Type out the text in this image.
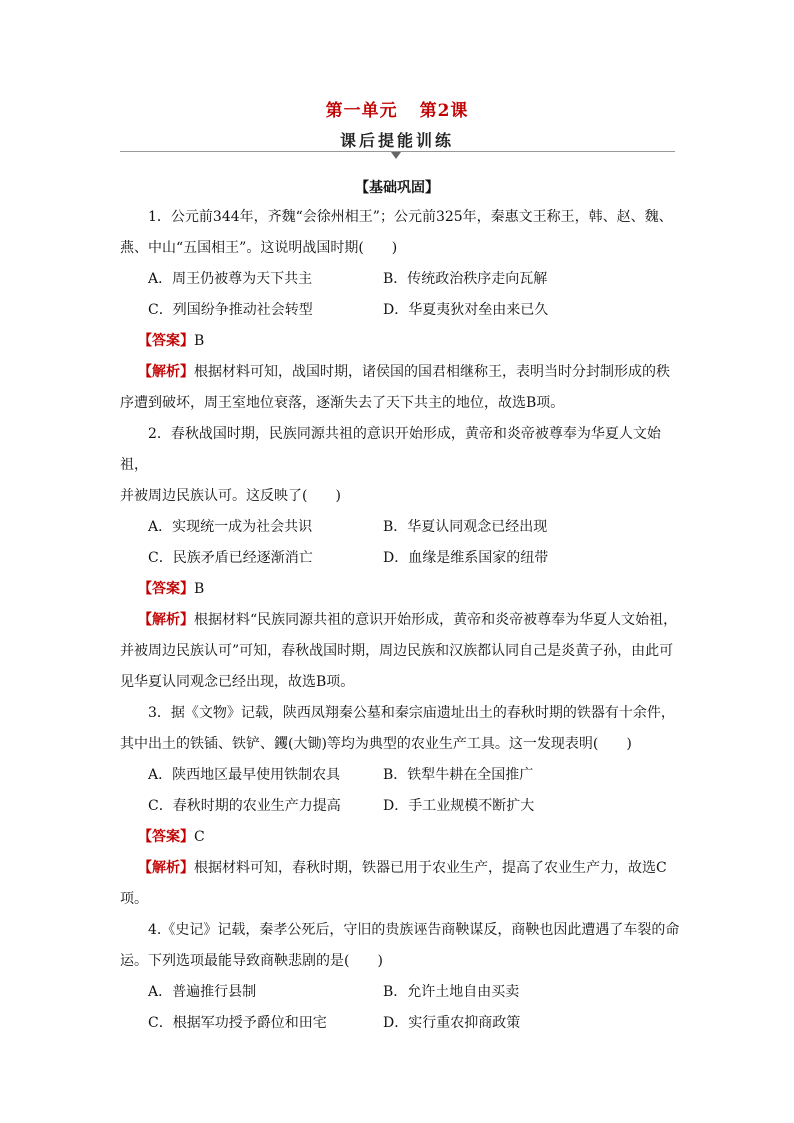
第一单元 第2课
课后提能训练
【基础巩固】

1．公元前344年，齐魏“会徐州相王”；公元前325年，秦惠文王称王，韩、赵、魏、

燕、中山“五国相王”。这说明战国时期(　　)

A．周王仍被尊为天下共主	B．传统政治秩序走向瓦解
C．列国纷争推动社会转型	D．华夏夷狄对垒由来已久

【答案】B

【解析】根据材料可知，战国时期，诸侯国的国君相继称王，表明当时分封制形成的秩

序遭到破坏，周王室地位衰落，逐渐失去了天下共主的地位，故选B项。

2．春秋战国时期，民族同源共祖的意识开始形成，黄帝和炎帝被尊奉为华夏人文始祖，

并被周边民族认可。这反映了(　　)

A．实现统一成为社会共识	B．华夏认同观念已经出现
C．民族矛盾已经逐渐消亡	D．血缘是维系国家的纽带

【答案】B

【解析】根据材料“民族同源共祖的意识开始形成，黄帝和炎帝被尊奉为华夏人文始祖，

并被周边民族认可”可知，春秋战国时期，周边民族和汉族都认同自己是炎黄子孙，由此可

见华夏认同观念已经出现，故选B项。

3．据《文物》记载，陕西凤翔秦公墓和秦宗庙遗址出土的春秋时期的铁器有十余件，

其中出土的铁锸、铁铲、钁(大锄)等均为典型的农业生产工具。这一发现表明(　　)

A．陕西地区最早使用铁制农具	B．铁犁牛耕在全国推广
C．春秋时期的农业生产力提高	D．手工业规模不断扩大

【答案】C

【解析】根据材料可知，春秋时期，铁器已用于农业生产，提高了农业生产力，故选C

项。

4.《史记》记载，秦孝公死后，守旧的贵族诬告商鞅谋反，商鞅也因此遭遇了车裂的命

运。下列选项最能导致商鞅悲剧的是(　　)

A．普遍推行县制	B．允许土地自由买卖
C．根据军功授予爵位和田宅	D．实行重农抑商政策
